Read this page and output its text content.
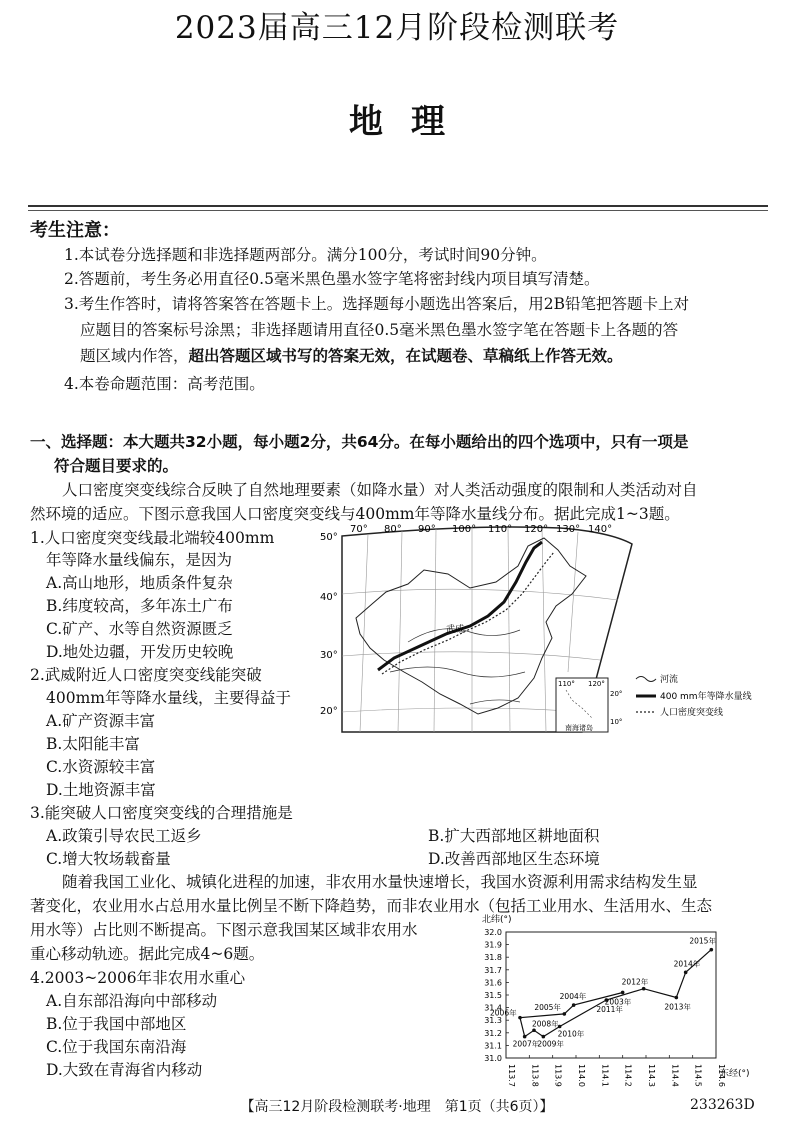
2023届高三12月阶段检测联考
地理
考生注意：
1.本试卷分选择题和非选择题两部分。满分100分，考试时间90分钟。
2.答题前，考生务必用直径0.5毫米黑色墨水签字笔将密封线内项目填写清楚。
3.考生作答时，请将答案答在答题卡上。选择题每小题选出答案后，用2B铅笔把答题卡上对
应题目的答案标号涂黑；非选择题请用直径0.5毫米黑色墨水签字笔在答题卡上各题的答
题区域内作答，超出答题区域书写的答案无效，在试题卷、草稿纸上作答无效。
4.本卷命题范围：高考范围。
一、选择题：本大题共32小题，每小题2分，共64分。在每小题给出的四个选项中，只有一项是
符合题目要求的。
人口密度突变线综合反映了自然地理要素（如降水量）对人类活动强度的限制和人类活动对自
然环境的适应。下图示意我国人口密度突变线与400mm年等降水量线分布。据此完成1~3题。
1.人口密度突变线最北端较400mm
年等降水量线偏东，是因为
A.高山地形，地质条件复杂
B.纬度较高，多年冻土广布
C.矿产、水等自然资源匮乏
D.地处边疆，开发历史较晚
2.武威附近人口密度突变线能突破
400mm年等降水量线，主要得益于
A.矿产资源丰富
B.太阳能丰富
C.水资源较丰富
D.土地资源丰富
3.能突破人口密度突变线的合理措施是
A.政策引导农民工返乡	B.扩大西部地区耕地面积
C.增大牧场载畜量	D.改善西部地区生态环境
随着我国工业化、城镇化进程的加速，非农用水量快速增长，我国水资源利用需求结构发生显
著变化，农业用水占总用水量比例呈不断下降趋势，而非农业用水（包括工业用水、生活用水、生态
用水等）占比则不断提高。下图示意我国某区域非农用水
重心移动轨迹。据此完成4~6题。
4.2003~2006年非农用水重心
A.自东部沿海向中部移动
B.位于我国中部地区
C.位于我国东南沿海
D.大致在青海省内移动
武威
110° 120°
20°
10°
南海诸岛
70° 80° 90° 100° 110° 120° 130° 140°
50°
40°
30°
20°
河流
400 mm年等降水量线
人口密度突变线
北纬(°)
东经(°)
31.0
31.1
31.2
31.3
31.4
31.5
31.6
31.7
31.8
31.9
32.0
113.7 113.8 113.9 114.0 114.1 114.2 114.3 114.4 114.5 114.6
2003年
2004年
2005年
2006年
2007年
2008年
2009年
2010年
2011年
2012年
2013年
2014年
2015年
【高三12月阶段检测联考·地理　第1页（共6页）】	233263D
